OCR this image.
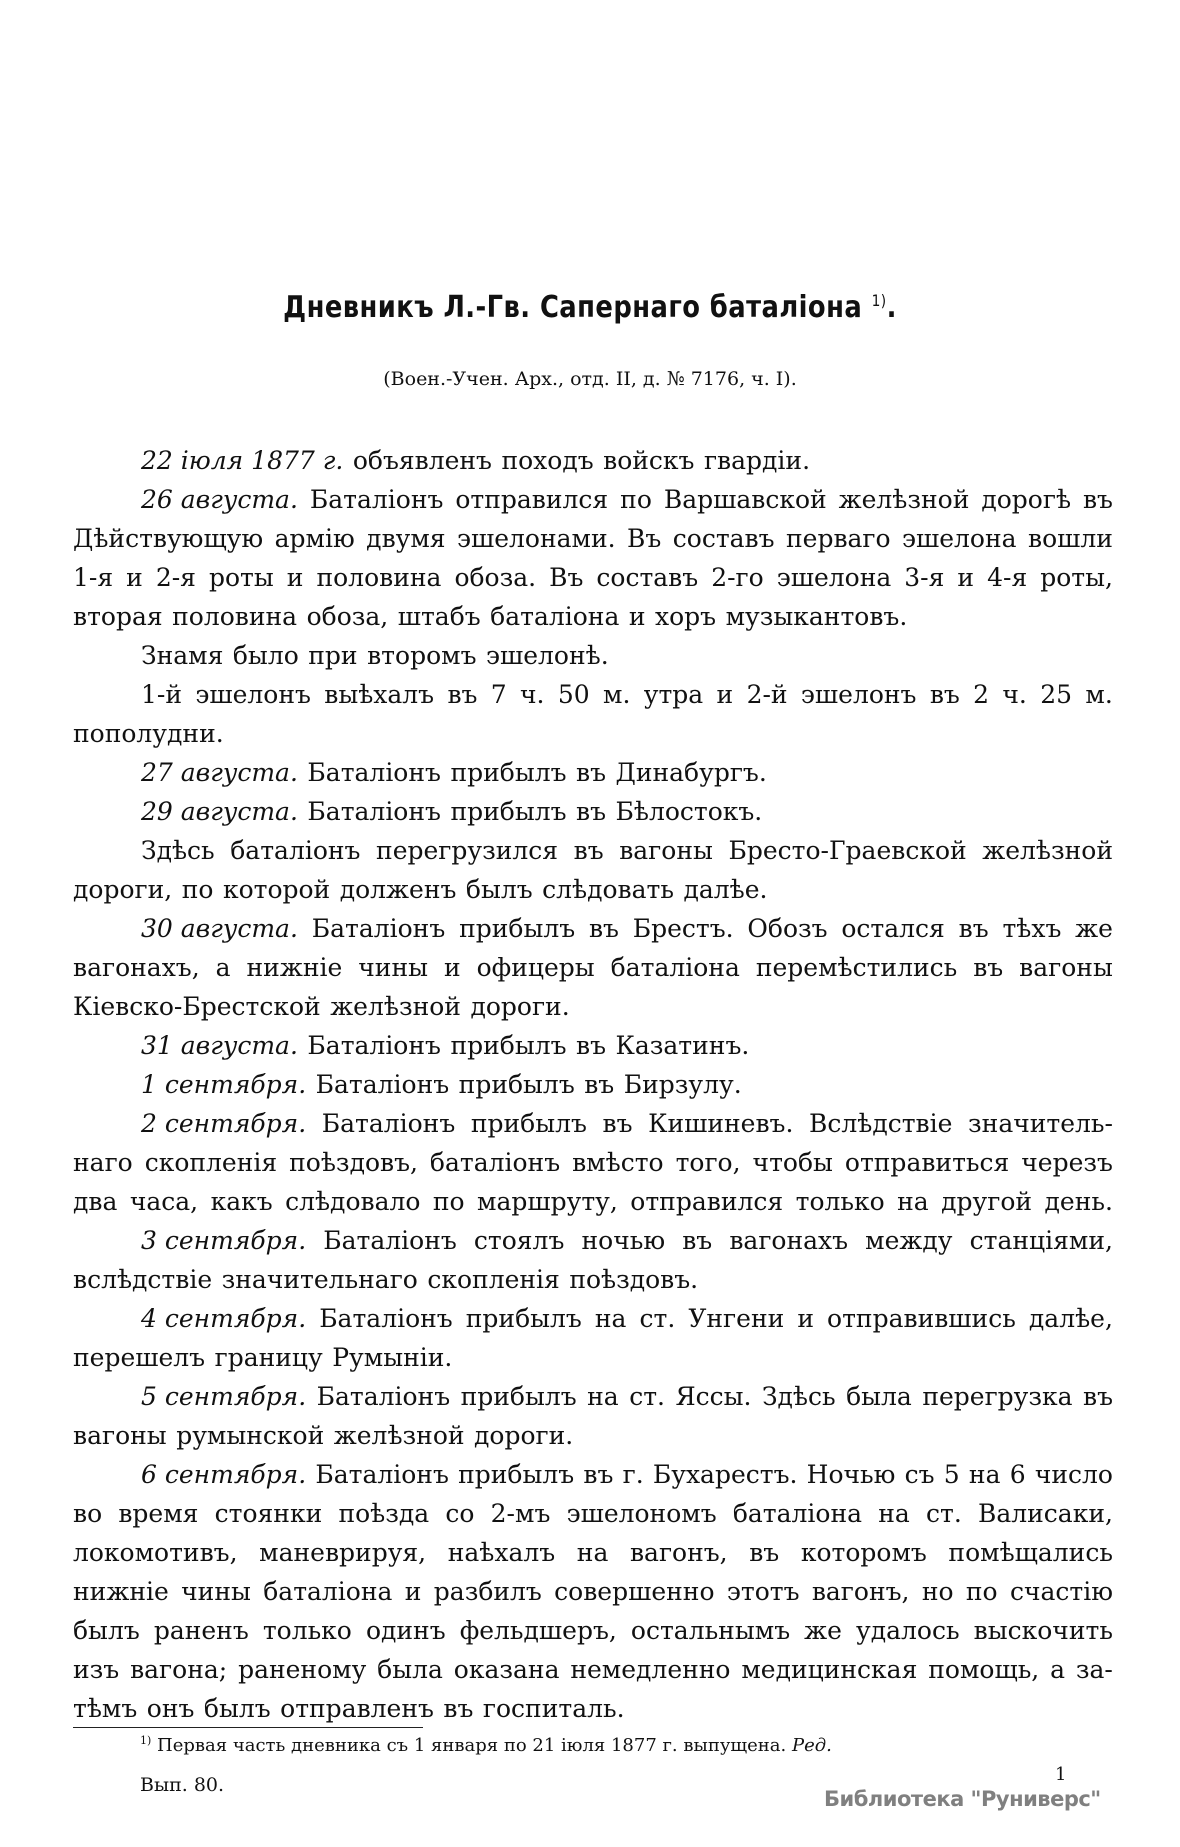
Дневникъ Л.-Гв. Сапернаго баталіона $^{1)}$.
(Воен.-Учен. Арх., отд. II, д. № 7176, ч. I).
22 іюля 1877 г. объявленъ походъ войскъ гвардіи.
26 августа. Баталіонъ отправился по Варшавской желѣзной дорогѣ въ
Дѣйствующую армію двумя эшелонами. Въ составъ перваго эшелона вошли
1-я и 2-я роты и половина обоза. Въ составъ 2-го эшелона 3-я и 4-я роты,
вторая половина обоза, штабъ баталіона и хоръ музыкантовъ.
Знамя было при второмъ эшелонѣ.
1-й эшелонъ выѣхалъ въ 7 ч. 50 м. утра и 2-й эшелонъ въ 2 ч. 25 м.
пополудни.
27 августа. Баталіонъ прибылъ въ Динабургъ.
29 августа. Баталіонъ прибылъ въ Бѣлостокъ.
Здѣсь баталіонъ перегрузился въ вагоны Бресто-Граевской желѣзной
дороги, по которой долженъ былъ слѣдовать далѣе.
30 августа. Баталіонъ прибылъ въ Брестъ. Обозъ остался въ тѣхъ же
вагонахъ, а нижніе чины и офицеры баталіона перемѣстились въ вагоны
Кіевско-Брестской желѣзной дороги.
31 августа. Баталіонъ прибылъ въ Казатинъ.
1 сентября. Баталіонъ прибылъ въ Бирзулу.
2 сентября. Баталіонъ прибылъ въ Кишиневъ. Вслѣдствіе значитель-
наго скопленія поѣздовъ, баталіонъ вмѣсто того, чтобы отправиться черезъ
два часа, какъ слѣдовало по маршруту, отправился только на другой день.
3 сентября. Баталіонъ стоялъ ночью въ вагонахъ между станціями,
вслѣдствіе значительнаго скопленія поѣздовъ.
4 сентября. Баталіонъ прибылъ на ст. Унгени и отправившись далѣе,
перешелъ границу Румыніи.
5 сентября. Баталіонъ прибылъ на ст. Яссы. Здѣсь была перегрузка въ
вагоны румынской желѣзной дороги.
6 сентября. Баталіонъ прибылъ въ г. Бухарестъ. Ночью съ 5 на 6 число
во время стоянки поѣзда со 2-мъ эшелономъ баталіона на ст. Валисаки,
локомотивъ, маневрируя, наѣхалъ на вагонъ, въ которомъ помѣщались
нижніе чины баталіона и разбилъ совершенно этотъ вагонъ, но по счастію
былъ раненъ только одинъ фельдшеръ, остальнымъ же удалось выскочить
изъ вагона; раненому была оказана немедленно медицинская помощь, а за-
тѣмъ онъ былъ отправленъ въ госпиталь.
$^{1)}$ Первая часть дневника съ 1 января по 21 іюля 1877 г. выпущена. Ред.
Вып. 80.	1
Библиотека "Руниверс"
